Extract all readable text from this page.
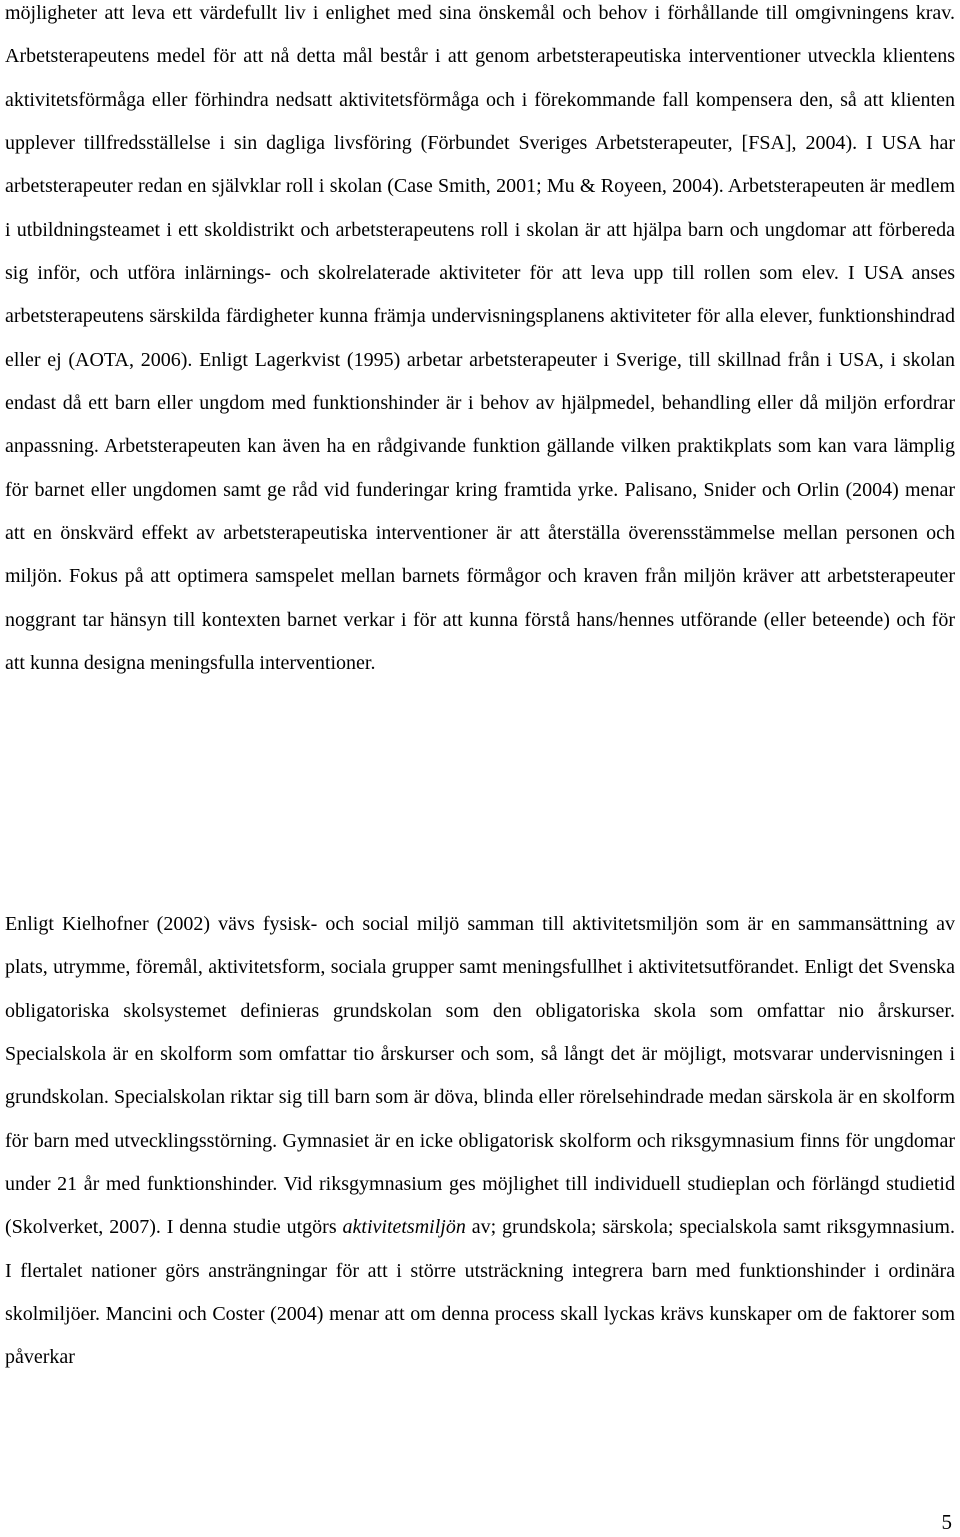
möjligheter att leva ett värdefullt liv i enlighet med sina önskemål och behov i förhållande till omgivningens krav. Arbetsterapeutens medel för att nå detta mål består i att genom arbetsterapeutiska interventioner utveckla klientens aktivitetsförmåga eller förhindra nedsatt aktivitetsförmåga och i förekommande fall kompensera den, så att klienten upplever tillfredsställelse i sin dagliga livsföring (Förbundet Sveriges Arbetsterapeuter, [FSA], 2004). I USA har arbetsterapeuter redan en självklar roll i skolan (Case Smith, 2001; Mu & Royeen, 2004). Arbetsterapeuten är medlem i utbildningsteamet i ett skoldistrikt och arbetsterapeutens roll i skolan är att hjälpa barn och ungdomar att förbereda sig inför, och utföra inlärnings- och skolrelaterade aktiviteter för att leva upp till rollen som elev. I USA anses arbetsterapeutens särskilda färdigheter kunna främja undervisningsplanens aktiviteter för alla elever, funktionshindrad eller ej (AOTA, 2006). Enligt Lagerkvist (1995) arbetar arbetsterapeuter i Sverige, till skillnad från i USA, i skolan endast då ett barn eller ungdom med funktionshinder är i behov av hjälpmedel, behandling eller då miljön erfordrar anpassning. Arbetsterapeuten kan även ha en rådgivande funktion gällande vilken praktikplats som kan vara lämplig för barnet eller ungdomen samt ge råd vid funderingar kring framtida yrke. Palisano, Snider och Orlin (2004) menar att en önskvärd effekt av arbetsterapeutiska interventioner är att återställa överensstämmelse mellan personen och miljön. Fokus på att optimera samspelet mellan barnets förmågor och kraven från miljön kräver att arbetsterapeuter noggrant tar hänsyn till kontexten barnet verkar i för att kunna förstå hans/hennes utförande (eller beteende) och för att kunna designa meningsfulla interventioner.

Enligt Kielhofner (2002) vävs fysisk- och social miljö samman till aktivitetsmiljön som är en sammansättning av plats, utrymme, föremål, aktivitetsform, sociala grupper samt meningsfullhet i aktivitetsutförandet. Enligt det Svenska obligatoriska skolsystemet definieras grundskolan som den obligatoriska skola som omfattar nio årskurser. Specialskola är en skolform som omfattar tio årskurser och som, så långt det är möjligt, motsvarar undervisningen i grundskolan. Specialskolan riktar sig till barn som är döva, blinda eller rörelsehindrade medan särskola är en skolform för barn med utvecklingsstörning. Gymnasiet är en icke obligatorisk skolform och riksgymnasium finns för ungdomar under 21 år med funktionshinder. Vid riksgymnasium ges möjlighet till individuell studieplan och förlängd studietid (Skolverket, 2007). I denna studie utgörs aktivitetsmiljön av; grundskola; särskola; specialskola samt riksgymnasium. I flertalet nationer görs ansträngningar för att i större utsträckning integrera barn med funktionshinder i ordinära skolmiljöer. Mancini och Coster (2004) menar att om denna process skall lyckas krävs kunskaper om de faktorer som påverkar

5
